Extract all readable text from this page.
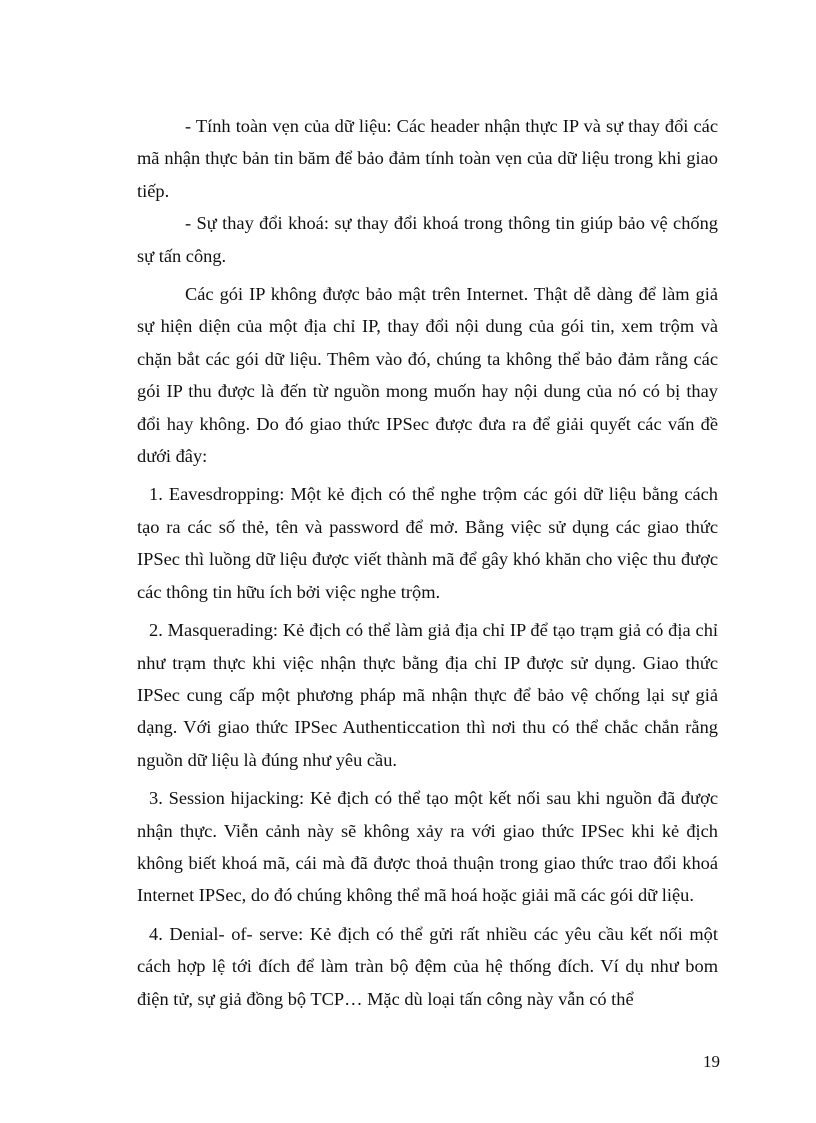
- Tính toàn vẹn của dữ liệu: Các header nhận thực IP và sự thay đổi các mã nhận thực bản tin băm để bảo đảm tính toàn vẹn của dữ liệu trong khi giao tiếp.

- Sự thay đổi khoá: sự thay đổi khoá trong thông tin giúp bảo vệ chống sự tấn công.

Các gói IP không được bảo mật trên Internet. Thật dễ dàng để làm giả sự hiện diện của một địa chỉ IP, thay đổi nội dung của gói tin, xem trộm và chặn bắt các gói dữ liệu. Thêm vào đó, chúng ta không thể bảo đảm rằng các gói IP thu được là đến từ nguồn mong muốn hay nội dung của nó có bị thay đổi hay không. Do đó giao thức IPSec được đưa ra để giải quyết các vấn đề dưới đây:

1. Eavesdropping: Một kẻ địch có thể nghe trộm các gói dữ liệu bằng cách tạo ra các số thẻ, tên và password để mở. Bằng việc sử dụng các giao thức IPSec thì luồng dữ liệu được viết thành mã để gây khó khăn cho việc thu được các thông tin hữu ích bởi việc nghe trộm.

2. Masquerading: Kẻ địch có thể làm giả địa chỉ IP để tạo trạm giả có địa chỉ như trạm thực khi việc nhận thực bằng địa chỉ IP được sử dụng. Giao thức IPSec cung cấp một phương pháp mã nhận thực để bảo vệ chống lại sự giả dạng. Với giao thức IPSec Authenticcation thì nơi thu có thể chắc chắn rằng nguồn dữ liệu là đúng như yêu cầu.

3. Session hijacking: Kẻ địch có thể tạo một kết nối sau khi nguồn đã được nhận thực. Viễn cảnh này sẽ không xảy ra với giao thức IPSec khi kẻ địch không biết khoá mã, cái mà đã được thoả thuận trong giao thức trao đổi khoá Internet IPSec, do đó chúng không thể mã hoá hoặc giải mã các gói dữ liệu.

4. Denial- of- serve: Kẻ địch có thể gửi rất nhiều các yêu cầu kết nối một cách hợp lệ tới đích để làm tràn bộ đệm của hệ thống đích. Ví dụ như bom điện tử, sự giả đồng bộ TCP… Mặc dù loại tấn công này vẫn có thể

19
